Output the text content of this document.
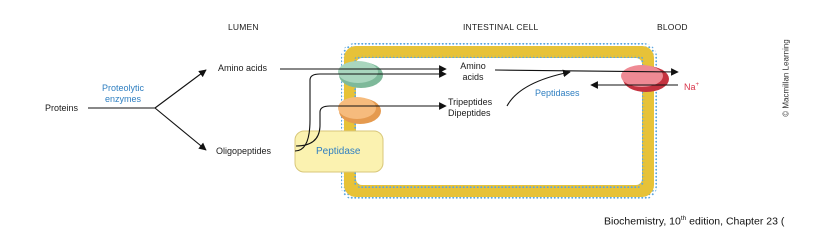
LUMEN	INTESTINAL CELL	BLOOD
Proteins
Proteolytic
enzymes
Amino acids
Oligopeptides	Peptidase
Amino
acids
Tripeptides
Dipeptides
Peptidases
Na+	© Macmillan Learning
Biochemistry, 10th edition, Chapter 23 (
